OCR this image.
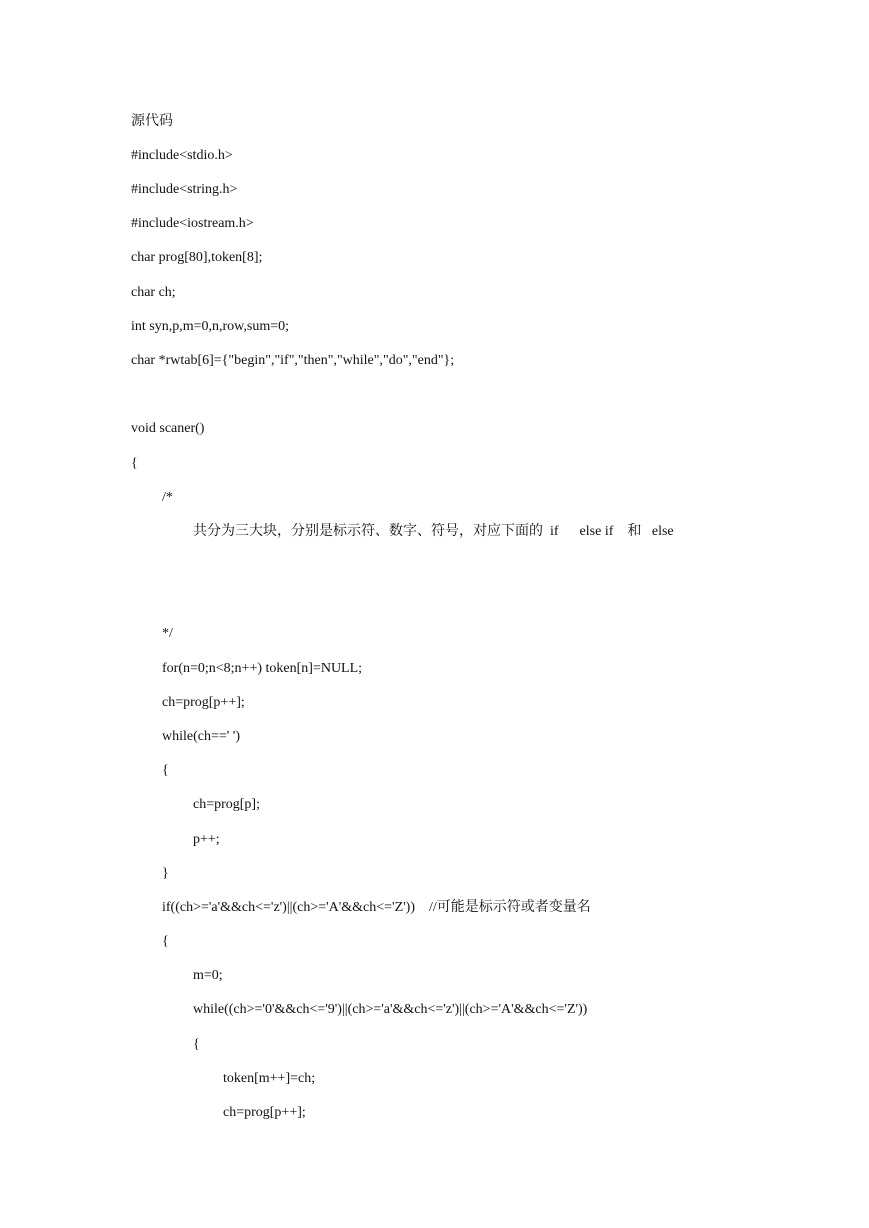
源代码
#include<stdio.h>
#include<string.h>
#include<iostream.h>
char prog[80],token[8];
char ch;
int syn,p,m=0,n,row,sum=0;
char *rwtab[6]={"begin","if","then","while","do","end"};
void scaner()
{
/*
共分为三大块，分别是标示符、数字、符号，对应下面的  if      else if    和   else
*/
for(n=0;n<8;n++) token[n]=NULL;
ch=prog[p++];
while(ch==' ')
{
ch=prog[p];
p++;
}
if((ch>='a'&&ch<='z')||(ch>='A'&&ch<='Z'))    //可能是标示符或者变量名
{
m=0;
while((ch>='0'&&ch<='9')||(ch>='a'&&ch<='z')||(ch>='A'&&ch<='Z'))
{
token[m++]=ch;
ch=prog[p++];
